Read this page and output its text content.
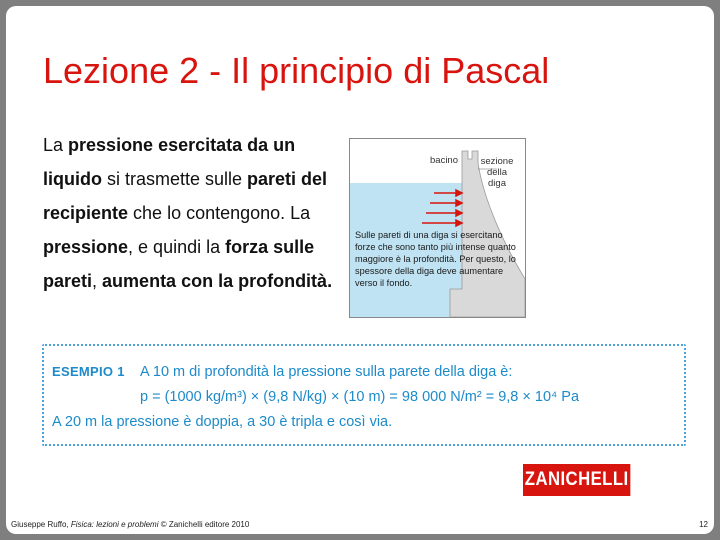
Lezione 2 - Il principio di Pascal
La pressione esercitata da un liquido si trasmette sulle pareti del recipiente che lo contengono. La pressione, e quindi la forza sulle pareti, aumenta con la profondità.
bacino	sezione della diga
Sulle pareti di una diga si esercitano forze che sono tanto più intense quanto maggiore è la profondità. Per questo, lo spessore della diga deve aumentare verso il fondo.
ESEMPIO 1 A 10 m di profondità la pressione sulla parete della diga è:
p = (1000 kg/m³) × (9,8 N/kg) × (10 m) = 98 000 N/m² = 9,8 × 10⁴ Pa
A 20 m la pressione è doppia, a 30 è tripla e così via.
ZANICHELLI
Giuseppe Ruffo, Fisica: lezioni e problemi © Zanichelli editore 2010	12
